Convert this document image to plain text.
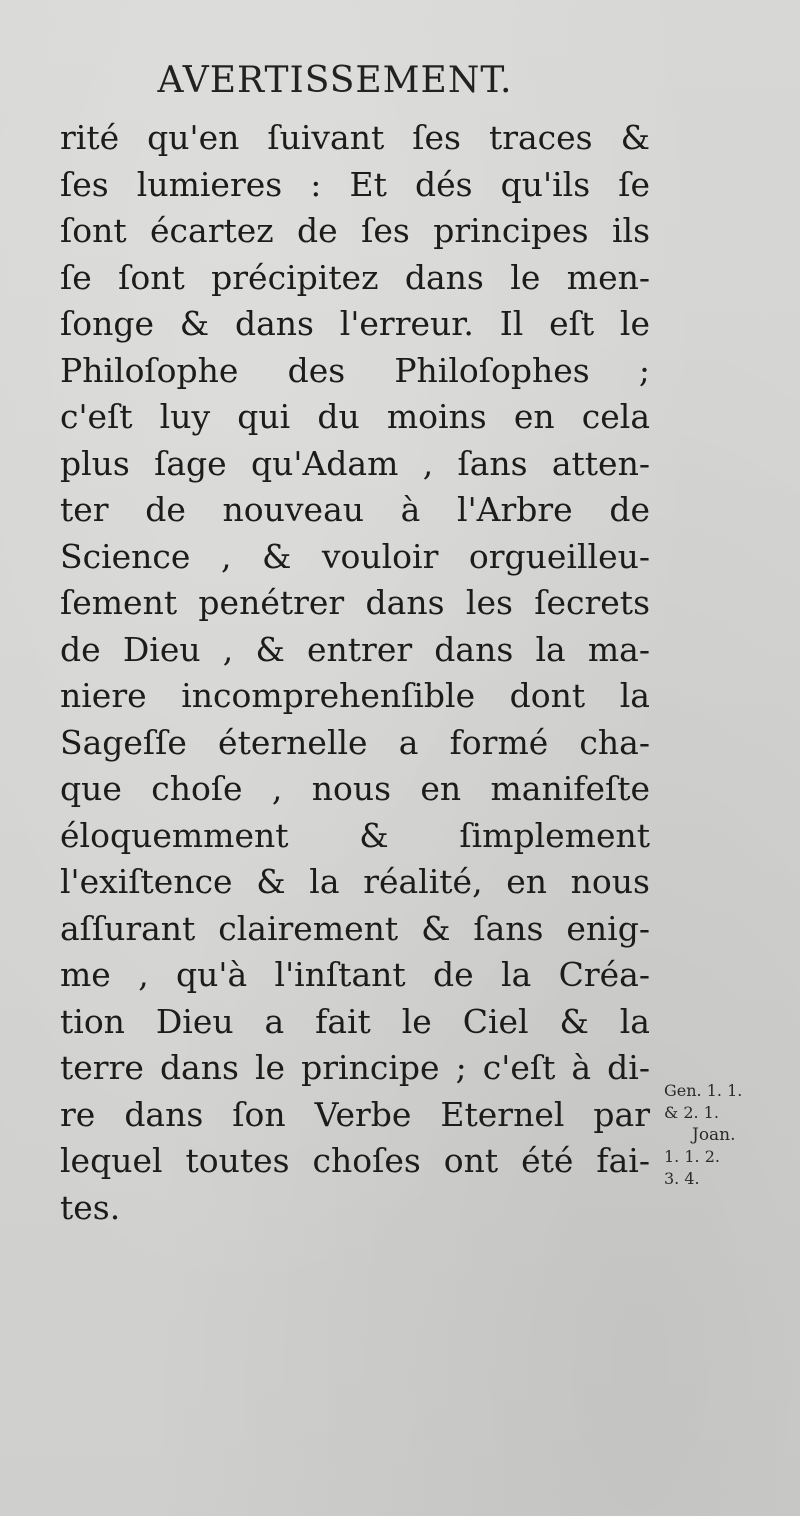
AVERTISSEMENT.
rité qu'en ſuivant ſes traces &
ſes lumieres : Et dés qu'ils ſe
ſont écartez de ſes principes ils
ſe ſont précipitez dans le men-
ſonge & dans l'erreur. Il eſt le
Philoſophe des Philoſophes ;
c'eſt luy qui du moins en cela
plus ſage qu'Adam , ſans atten-
ter de nouveau à l'Arbre de
Science , & vouloir orgueilleu-
ſement penétrer dans les ſecrets
de Dieu , & entrer dans la ma-
niere incomprehenſible dont la
Sageſſe éternelle a formé cha-
que choſe , nous en manifeſte
éloquemment & ſimplement
l'exiſtence & la réalité, en nous
aſſurant clairement & ſans enig-
me , qu'à l'inſtant de la Créa-
tion Dieu a fait le Ciel & la
terre dans le principe ; c'eſt à di-
re dans ſon Verbe Eternel par
lequel toutes choſes ont été fai-
tes.
Gen. 1. 1.
& 2. 1.
Joan.
1. 1. 2.
3. 4.
